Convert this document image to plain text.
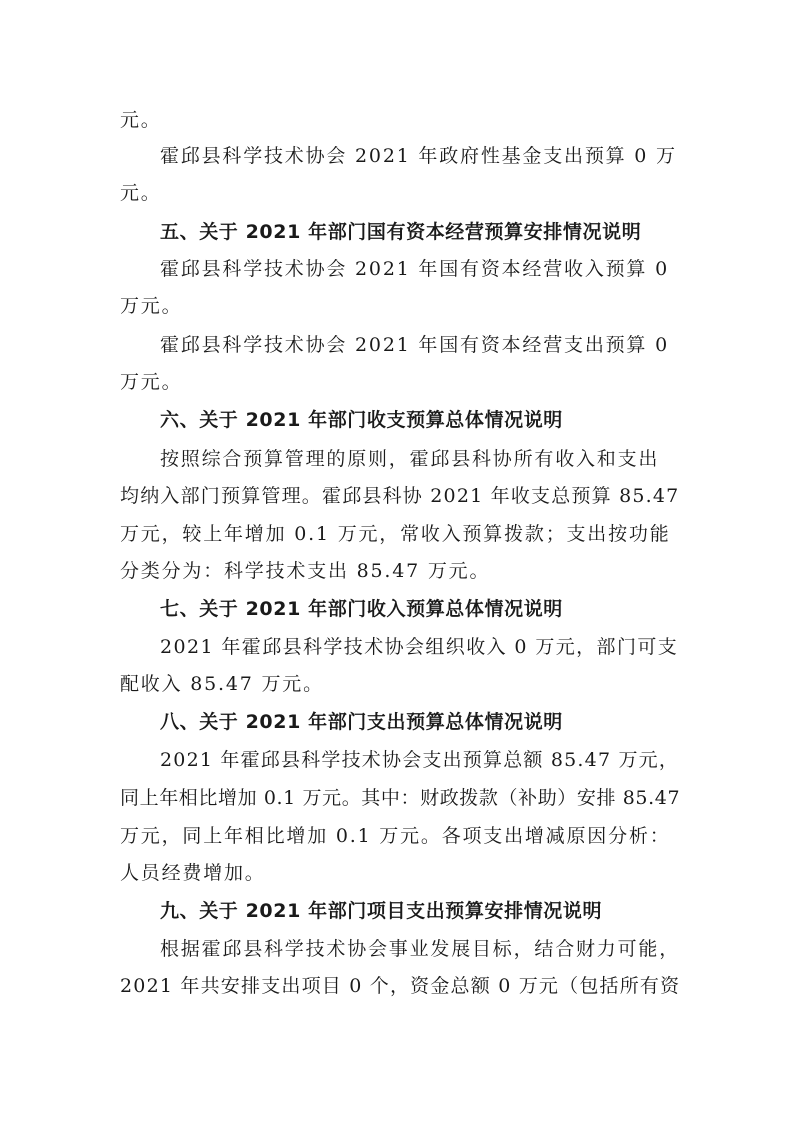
元。
霍邱县科学技术协会 2021 年政府性基金支出预算 0 万
元。
五、关于 2021 年部门国有资本经营预算安排情况说明
霍邱县科学技术协会 2021 年国有资本经营收入预算 0
万元。
霍邱县科学技术协会 2021 年国有资本经营支出预算 0
万元。
六、关于 2021 年部门收支预算总体情况说明
按照综合预算管理的原则，霍邱县科协所有收入和支出
均纳入部门预算管理。霍邱县科协 2021 年收支总预算 85.47
万元，较上年增加 0.1 万元，常收入预算拨款；支出按功能
分类分为：科学技术支出 85.47 万元。
七、关于 2021 年部门收入预算总体情况说明
2021 年霍邱县科学技术协会组织收入 0 万元，部门可支
配收入 85.47 万元。
八、关于 2021 年部门支出预算总体情况说明
2021 年霍邱县科学技术协会支出预算总额 85.47 万元，
同上年相比增加 0.1 万元。其中：财政拨款（补助）安排 85.47
万元，同上年相比增加 0.1 万元。各项支出增减原因分析：
人员经费增加。
九、关于 2021 年部门项目支出预算安排情况说明
根据霍邱县科学技术协会事业发展目标，结合财力可能，
2021 年共安排支出项目 0 个，资金总额 0 万元（包括所有资
